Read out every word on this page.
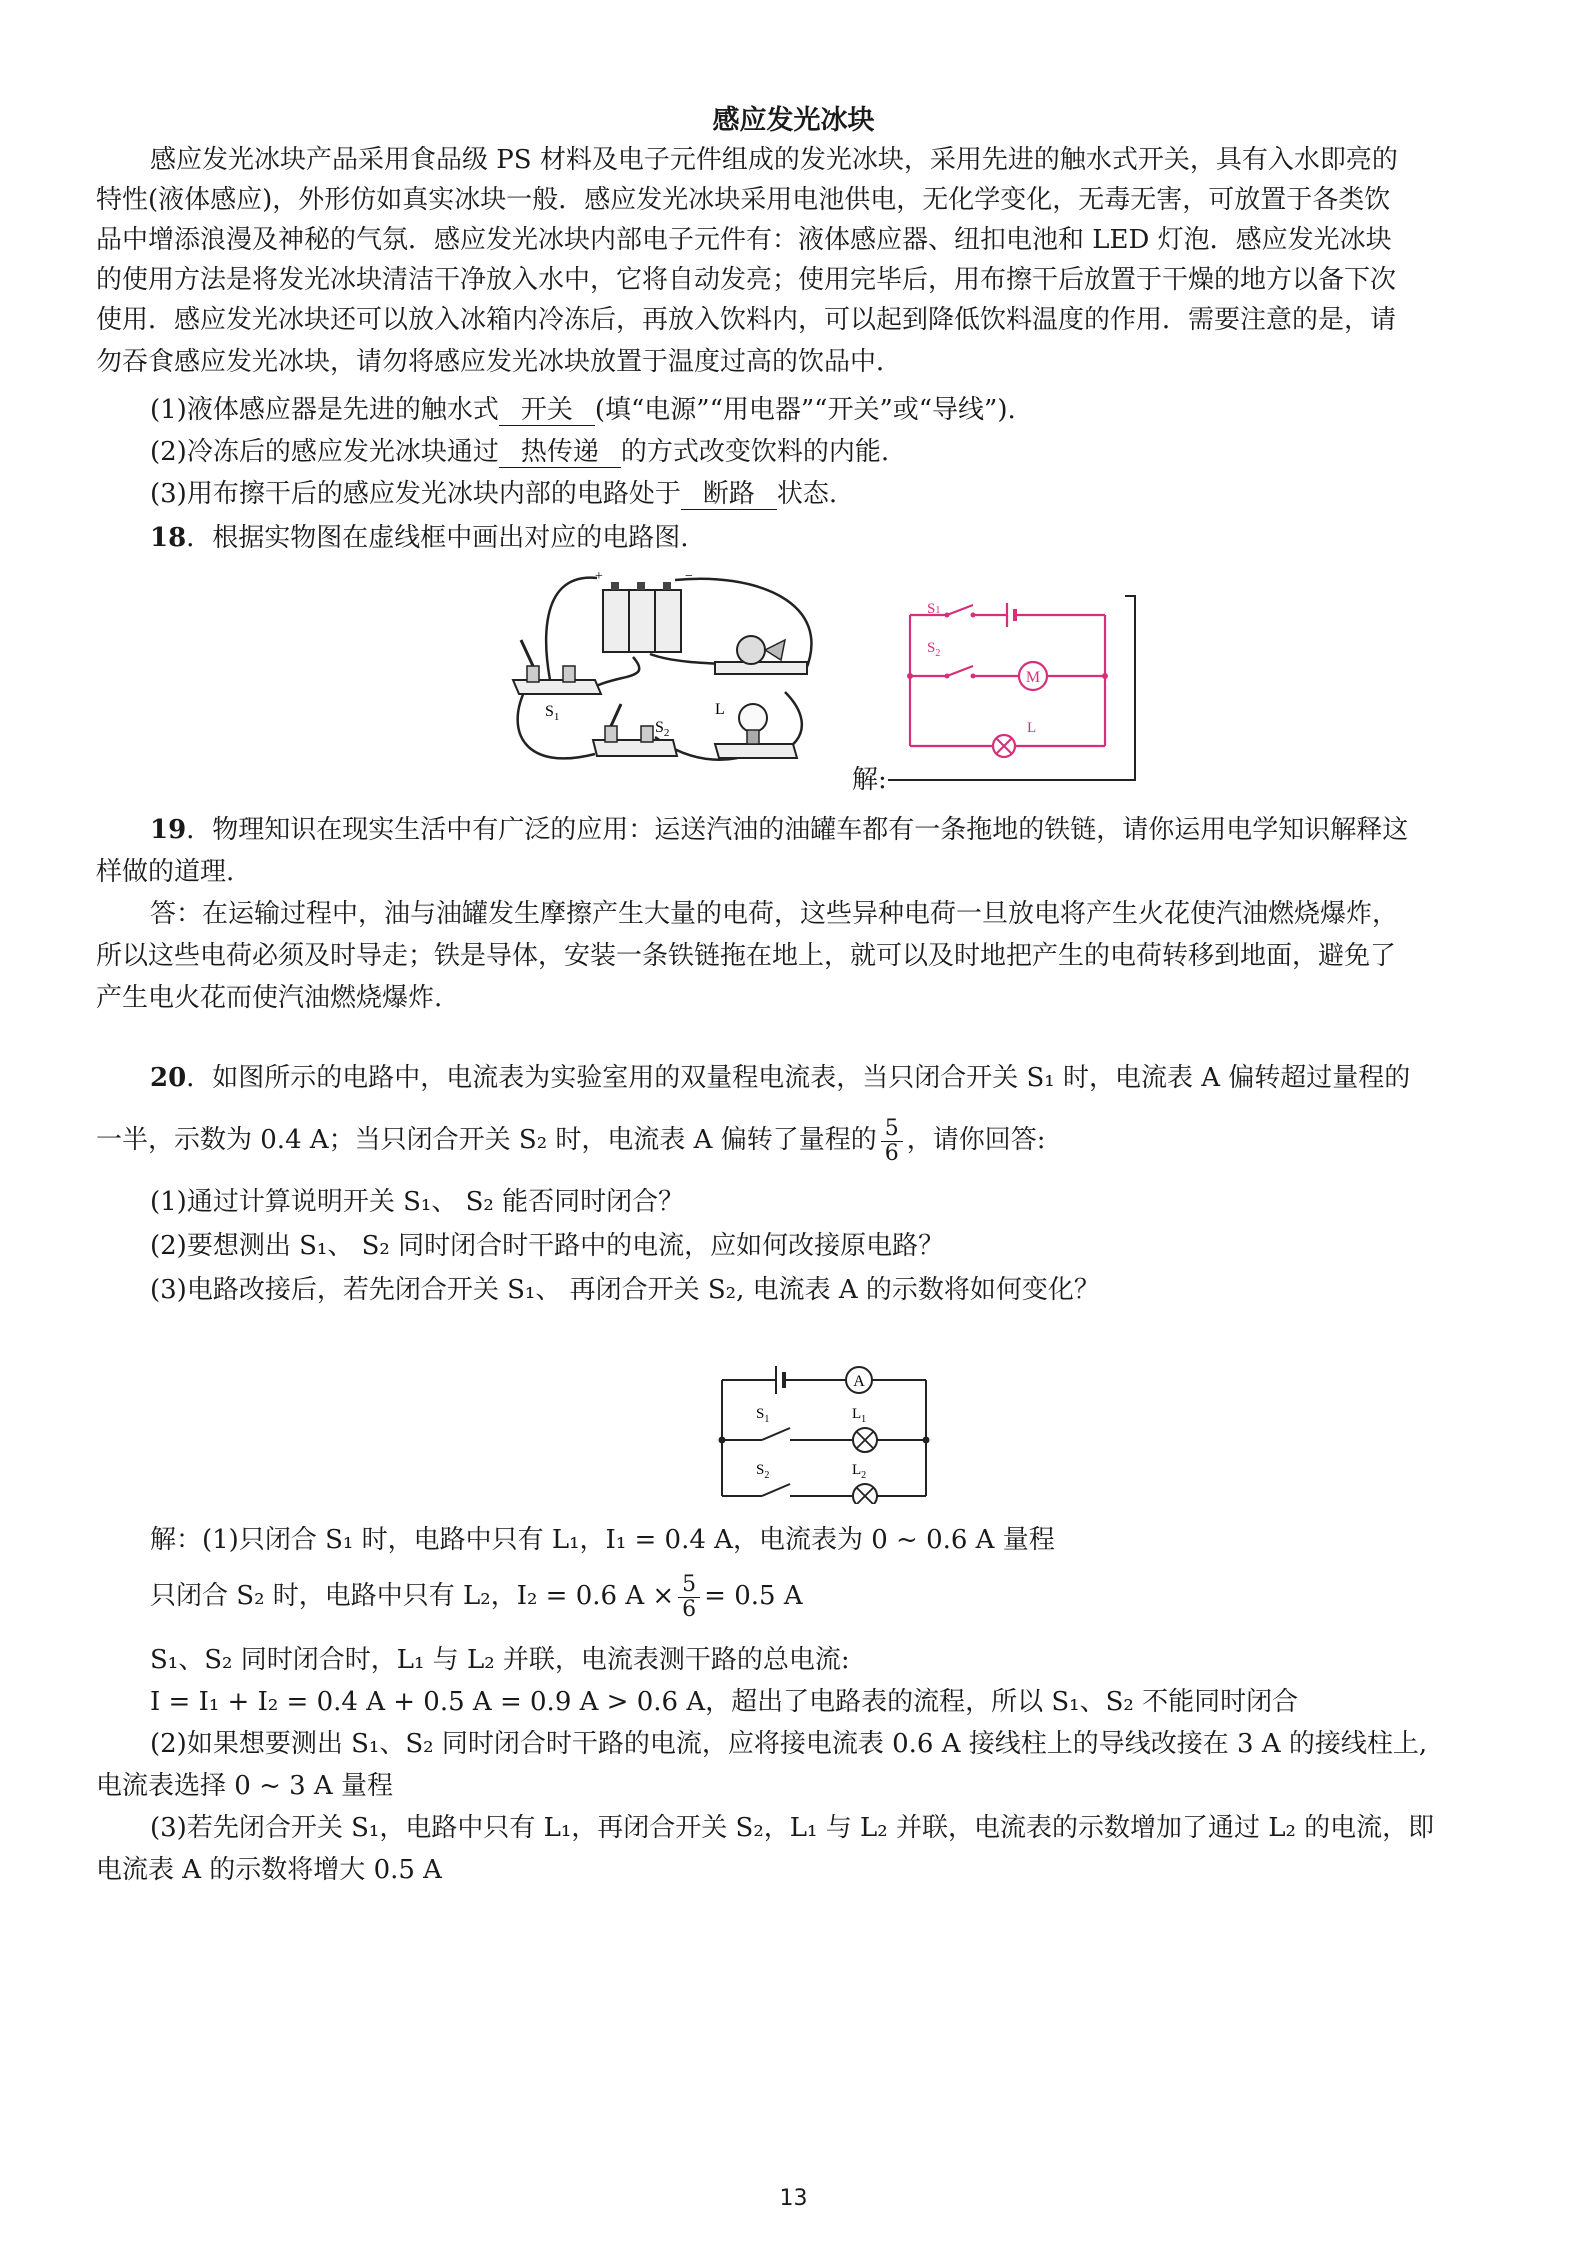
感应发光冰块
感应发光冰块产品采用食品级 PS 材料及电子元件组成的发光冰块，采用先进的触水式开关，具有入水即亮的
特性(液体感应)，外形仿如真实冰块一般．感应发光冰块采用电池供电，无化学变化，无毒无害，可放置于各类饮
品中增添浪漫及神秘的气氛．感应发光冰块内部电子元件有：液体感应器、纽扣电池和 LED 灯泡．感应发光冰块
的使用方法是将发光冰块清洁干净放入水中，它将自动发亮；使用完毕后，用布擦干后放置于干燥的地方以备下次
使用．感应发光冰块还可以放入冰箱内冷冻后，再放入饮料内，可以起到降低饮料温度的作用．需要注意的是，请
勿吞食感应发光冰块，请勿将感应发光冰块放置于温度过高的饮品中．
(1)液体感应器是先进的触水式 开关 (填“电源”“用电器”“开关”或“导线”).
(2)冷冻后的感应发光冰块通过 热传递 的方式改变饮料的内能.
(3)用布擦干后的感应发光冰块内部的电路处于 断路 状态.
18．根据实物图在虚线框中画出对应的电路图.
+	−
$S_1$
$S_2$
L
解:
M
L
$S_1$
$S_2$
19．物理知识在现实生活中有广泛的应用：运送汽油的油罐车都有一条拖地的铁链，请你运用电学知识解释这
样做的道理.
答：在运输过程中，油与油罐发生摩擦产生大量的电荷，这些异种电荷一旦放电将产生火花使汽油燃烧爆炸，
所以这些电荷必须及时导走；铁是导体，安装一条铁链拖在地上，就可以及时地把产生的电荷转移到地面，避免了
产生电火花而使汽油燃烧爆炸.
20．如图所示的电路中，电流表为实验室用的双量程电流表，当只闭合开关 S₁ 时，电流表 A 偏转超过量程的
一半，示数为 0.4 A；当只闭合开关 S₂ 时，电流表 A 偏转了量程的 $\frac{5}{6}$ ，请你回答:
(1)通过计算说明开关 S₁、 S₂ 能否同时闭合？
(2)要想测出 S₁、 S₂ 同时闭合时干路中的电流，应如何改接原电路？
(3)电路改接后，若先闭合开关 S₁、 再闭合开关 S₂, 电流表 A 的示数将如何变化？
A
$L_1$
$L_2$
$S_1$
$S_2$
解：(1)只闭合 S₁ 时，电路中只有 L₁，I₁ = 0.4 A，电流表为 0 ~ 0.6 A 量程
只闭合 S₂ 时，电路中只有 L₂，I₂ = 0.6 $A \times \frac{5}{6} = 0.5$ A
S₁、S₂ 同时闭合时，L₁ 与 L₂ 并联，电流表测干路的总电流:
I = I₁ + I₂ = 0.4 A + 0.5 A = 0.9 A > 0.6 A，超出了电路表的流程，所以 S₁、S₂ 不能同时闭合
(2)如果想要测出 S₁、S₂ 同时闭合时干路的电流，应将接电流表 0.6 A 接线柱上的导线改接在 3 A 的接线柱上,
电流表选择 0 ~ 3 A 量程
(3)若先闭合开关 S₁，电路中只有 L₁，再闭合开关 S₂，L₁ 与 L₂ 并联，电流表的示数增加了通过 L₂ 的电流，即
电流表 A 的示数将增大 0.5 A
13
